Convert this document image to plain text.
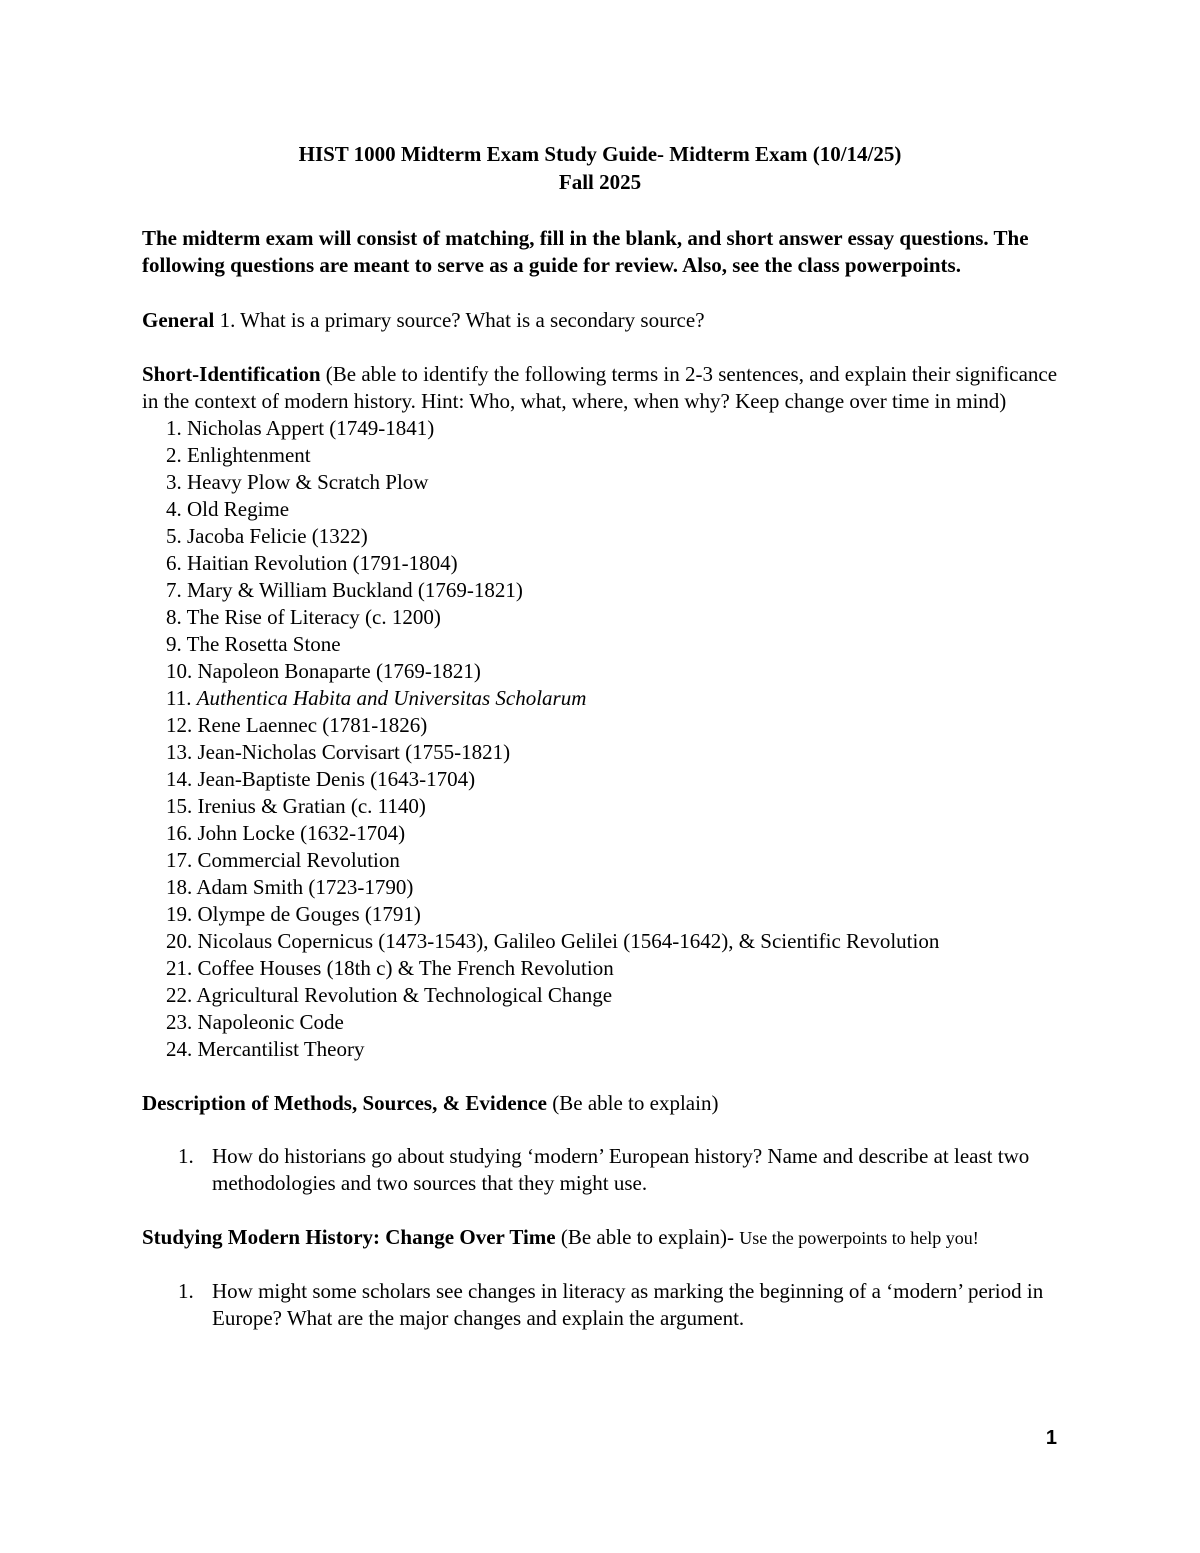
HIST 1000 Midterm Exam Study Guide- Midterm Exam (10/14/25)
Fall 2025

The midterm exam will consist of matching, fill in the blank, and short answer essay questions. The following questions are meant to serve as a guide for review. Also, see the class powerpoints.

General 1. What is a primary source? What is a secondary source?

Short-Identification (Be able to identify the following terms in 2-3 sentences, and explain their significance in the context of modern history. Hint: Who, what, where, when why? Keep change over time in mind)
1. Nicholas Appert (1749-1841)
2. Enlightenment
3. Heavy Plow & Scratch Plow
4. Old Regime
5. Jacoba Felicie (1322)
6. Haitian Revolution (1791-1804)
7. Mary & William Buckland (1769-1821)
8. The Rise of Literacy (c. 1200)
9. The Rosetta Stone
10. Napoleon Bonaparte (1769-1821)
11. Authentica Habita and Universitas Scholarum
12. Rene Laennec (1781-1826)
13. Jean-Nicholas Corvisart (1755-1821)
14. Jean-Baptiste Denis (1643-1704)
15. Irenius & Gratian (c. 1140)
16. John Locke (1632-1704)
17. Commercial Revolution
18. Adam Smith (1723-1790)
19. Olympe de Gouges (1791)
20. Nicolaus Copernicus (1473-1543), Galileo Gelilei (1564-1642), & Scientific Revolution
21. Coffee Houses (18th c) & The French Revolution
22. Agricultural Revolution & Technological Change
23. Napoleonic Code
24. Mercantilist Theory
Description of Methods, Sources, & Evidence (Be able to explain)
1. How do historians go about studying ‘modern’ European history? Name and describe at least two methodologies and two sources that they might use.
Studying Modern History: Change Over Time (Be able to explain)- Use the powerpoints to help you!
1. How might some scholars see changes in literacy as marking the beginning of a ‘modern’ period in Europe? What are the major changes and explain the argument.
1
